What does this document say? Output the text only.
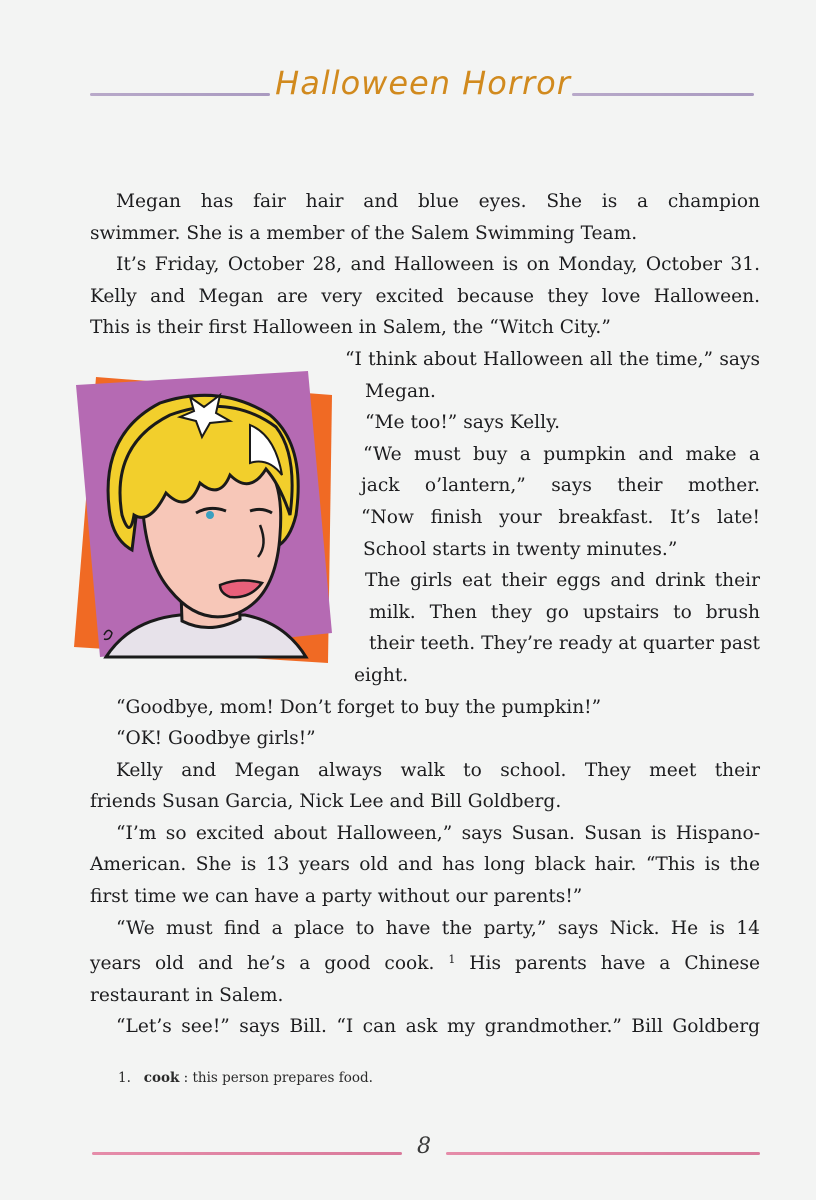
Halloween Horror

Megan has fair hair and blue eyes. She is a champion

swimmer. She is a member of the Salem Swimming Team.

It’s Friday, October 28, and Halloween is on Monday, October 31.

Kelly and Megan are very excited because they love Halloween.

This is their first Halloween in Salem, the “Witch City.”

“I think about Halloween all the time,” says

Megan.

“Me too!” says Kelly.

“We must buy a pumpkin and make a

jack o’lantern,” says their mother.

“Now finish your breakfast. It’s late!

School starts in twenty minutes.”

The girls eat their eggs and drink their

milk. Then they go upstairs to brush

their teeth. They’re ready at quarter past

eight.

“Goodbye, mom! Don’t forget to buy the pumpkin!”

“OK! Goodbye girls!”

Kelly and Megan always walk to school. They meet their

friends Susan Garcia, Nick Lee and Bill Goldberg.

“I’m so excited about Halloween,” says Susan. Susan is Hispano-

American. She is 13 years old and has long black hair. “This is the

first time we can have a party without our parents!”

“We must find a place to have the party,” says Nick. He is 14

years old and he’s a good cook. $^1$ His parents have a Chinese

restaurant in Salem.

“Let’s see!” says Bill. “I can ask my grandmother.” Bill Goldberg

1. cook : this person prepares food.
8
